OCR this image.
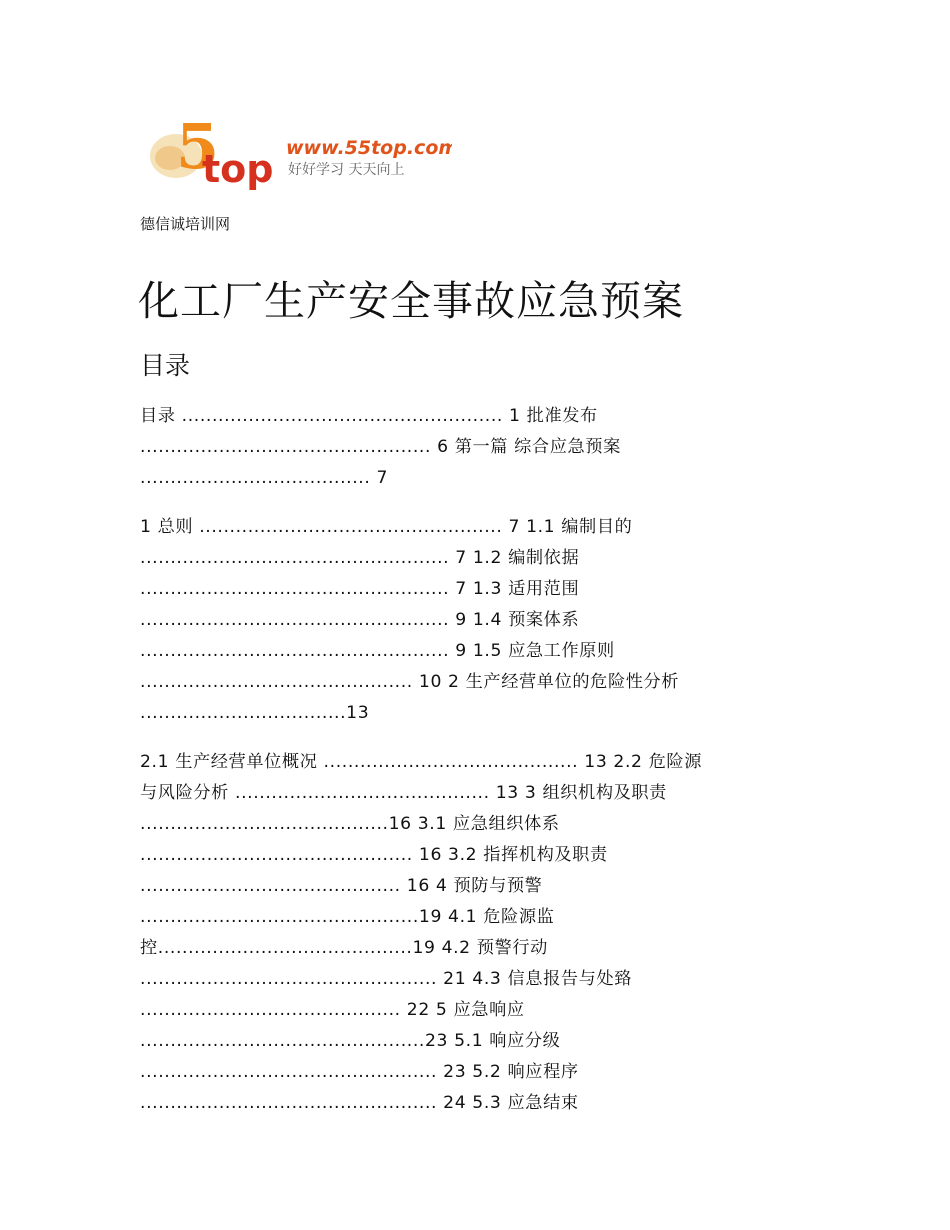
5
top www.55top.com
好好学习 天天向上
德信诚培训网
化工厂生产安全事故应急预案
目录

目录 ..................................................... 1 批准发布
................................................ 6 第一篇 综合应急预案
...................................... 7

1 总则 .................................................. 7 1.1 编制目的
................................................... 7 1.2 编制依据
................................................... 7 1.3 适用范围
................................................... 9 1.4 预案体系
................................................... 9 1.5 应急工作原则
............................................. 10 2 生产经营单位的危险性分析
..................................13

2.1 生产经营单位概况 .......................................... 13 2.2 危险源
与风险分析 .......................................... 13 3 组织机构及职责
.........................................16 3.1 应急组织体系
............................................. 16 3.2 指挥机构及职责
........................................... 16 4 预防与预警
..............................................19 4.1 危险源监
控..........................................19 4.2 预警行动
................................................. 21 4.3 信息报告与处臵
........................................... 22 5 应急响应
...............................................23 5.1 响应分级
................................................. 23 5.2 响应程序
................................................. 24 5.3 应急结束
